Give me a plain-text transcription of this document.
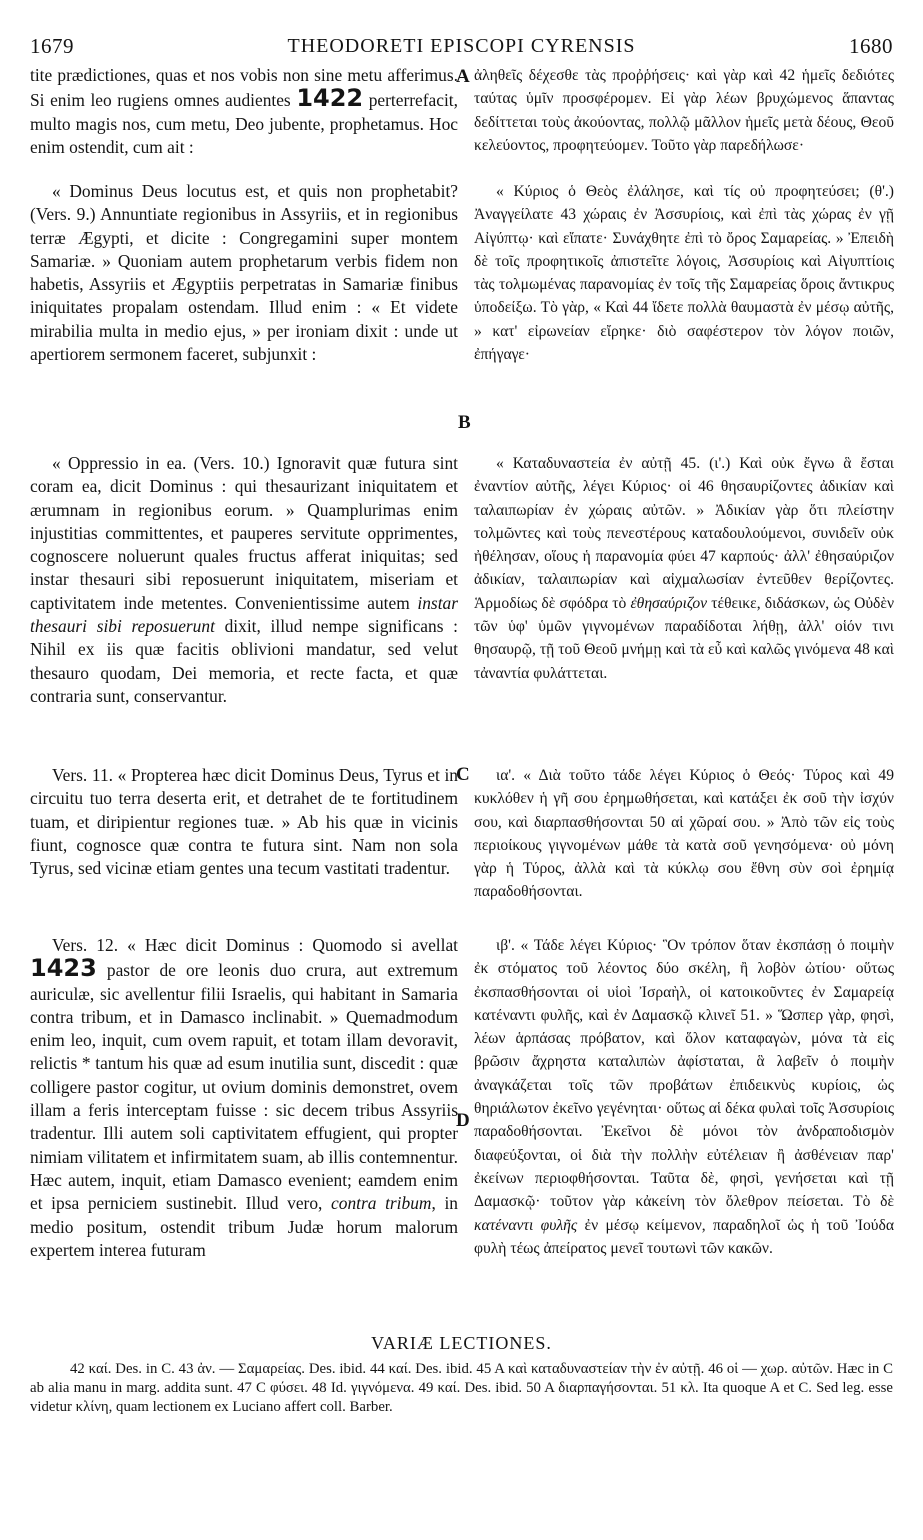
1679	THEODORETI EPISCOPI CYRENSIS	1680

tite prædictiones, quas et nos vobis non sine metu afferimus. Si enim leo rugiens omnes audientes 1422 perterrefacit, multo magis nos, cum metu, Deo jubente, prophetamus. Hoc enim ostendit, cum ait :

« Dominus Deus locutus est, et quis non prophetabit? (Vers. 9.) Annuntiate regionibus in Assyriis, et in regionibus terræ Ægypti, et dicite : Congregamini super montem Samariæ. » Quoniam autem prophetarum verbis fidem non habetis, Assyriis et Ægyptiis perpetratas in Samariæ finibus iniquitates propalam ostendam. Illud enim : « Et videte mirabilia multa in medio ejus, » per ironiam dixit : unde ut apertiorem sermonem faceret, subjunxit :

« Oppressio in ea. (Vers. 10.) Ignoravit quæ futura sint coram ea, dicit Dominus : qui thesaurizant iniquitatem et ærumnam in regionibus eorum. » Quamplurimas enim injustitias committentes, et pauperes servitute opprimentes, cognoscere noluerunt quales fructus afferat iniquitas; sed instar thesauri sibi reposuerunt iniquitatem, miseriam et captivitatem inde metentes. Convenientissime autem instar thesauri sibi reposuerunt dixit, illud nempe significans : Nihil ex iis quæ facitis oblivioni mandatur, sed velut thesauro quodam, Dei memoria, et recte facta, et quæ contraria sunt, conservantur.

Vers. 11. « Propterea hæc dicit Dominus Deus, Tyrus et in circuitu tuo terra deserta erit, et detrahet de te fortitudinem tuam, et diripientur regiones tuæ. » Ab his quæ in vicinis fiunt, cognosce quæ contra te futura sint. Nam non sola Tyrus, sed vicinæ etiam gentes una tecum vastitati tradentur.

Vers. 12. « Hæc dicit Dominus : Quomodo si avellat 1423 pastor de ore leonis duo crura, aut extremum auriculæ, sic avellentur filii Israelis, qui habitant in Samaria contra tribum, et in Damasco inclinabit. » Quemadmodum enim leo, inquit, cum ovem rapuit, et totam illam devoravit, relictis * tantum his quæ ad esum inutilia sunt, discedit : quæ colligere pastor cogitur, ut ovium dominis demonstret, ovem illam a feris interceptam fuisse : sic decem tribus Assyriis tradentur. Illi autem soli captivitatem effugient, qui propter nimiam vilitatem et infirmitatem suam, ab illis contemnentur. Hæc autem, inquit, etiam Damasco evenient; eamdem enim et ipsa perniciem sustinebit. Illud vero, contra tribum, in medio positum, ostendit tribum Judæ horum malorum expertem interea futuram

A
B
C
D

ἀληθεῖς δέχεσθε τὰς προῤῥήσεις· καὶ γὰρ καὶ 42 ἡμεῖς δεδιότες ταύτας ὑμῖν προσφέρομεν. Εἰ γὰρ λέων βρυχώμενος ἅπαντας δεδίττεται τοὺς ἀκούοντας, πολλῷ μᾶλλον ἡμεῖς μετὰ δέους, Θεοῦ κελεύοντος, προφητεύομεν. Τοῦτο γὰρ παρεδήλωσε·

« Κύριος ὁ Θεὸς ἐλάλησε, καὶ τίς οὐ προφητεύσει; (θ'.) Ἀναγγείλατε 43 χώραις ἐν Ἀσσυρίοις, καὶ ἐπὶ τὰς χώρας ἐν γῇ Αἰγύπτῳ· καὶ εἴπατε· Συνάχθητε ἐπὶ τὸ ὄρος Σαμαρείας. » Ἐπειδὴ δὲ τοῖς προφητικοῖς ἀπιστεῖτε λόγοις, Ἀσσυρίοις καὶ Αἰγυπτίοις τὰς τολμωμένας παρανομίας ἐν τοῖς τῆς Σαμαρείας ὅροις ἄντικρυς ὑποδείξω. Τὸ γὰρ, « Καὶ 44 ἴδετε πολλὰ θαυμαστὰ ἐν μέσῳ αὐτῆς, » κατ' εἰρωνείαν εἴρηκε· διὸ σαφέστερον τὸν λόγον ποιῶν, ἐπήγαγε·

« Καταδυναστεία ἐν αὐτῇ 45. (ι'.) Καὶ οὐκ ἔγνω ἃ ἔσται ἐναντίον αὐτῆς, λέγει Κύριος· οἱ 46 θησαυρίζοντες ἀδικίαν καὶ ταλαιπωρίαν ἐν χώραις αὐτῶν. » Ἀδικίαν γὰρ ὅτι πλείστην τολμῶντες καὶ τοὺς πενεστέρους καταδουλούμενοι, συνιδεῖν οὐκ ἠθέλησαν, οἵους ἡ παρανομία φύει 47 καρπούς· ἀλλ' ἐθησαύριζον ἀδικίαν, ταλαιπωρίαν καὶ αἰχμαλωσίαν ἐντεῦθεν θερίζοντες. Ἁρμοδίως δὲ σφόδρα τὸ ἐθησαύριζον τέθεικε, διδάσκων, ὡς Οὐδὲν τῶν ὑφ' ὑμῶν γιγνομένων παραδίδοται λήθῃ, ἀλλ' οἱόν τινι θησαυρῷ, τῇ τοῦ Θεοῦ μνήμῃ καὶ τὰ εὖ καὶ καλῶς γινόμενα 48 καὶ τἀναντία φυλάττεται.

ια'. « Διὰ τοῦτο τάδε λέγει Κύριος ὁ Θεός· Τύρος καὶ 49 κυκλόθεν ἡ γῆ σου ἐρημωθήσεται, καὶ κατάξει ἐκ σοῦ τὴν ἰσχύν σου, καὶ διαρπασθήσονται 50 αἱ χῶραί σου. » Ἀπὸ τῶν εἰς τοὺς περιοίκους γιγνομένων μάθε τὰ κατὰ σοῦ γενησόμενα· οὐ μόνη γὰρ ἡ Τύρος, ἀλλὰ καὶ τὰ κύκλῳ σου ἔθνη σὺν σοὶ ἐρημίᾳ παραδοθήσονται.

ιβ'. « Τάδε λέγει Κύριος· Ὃν τρόπον ὅταν ἐκσπάσῃ ὁ ποιμὴν ἐκ στόματος τοῦ λέοντος δύο σκέλη, ἢ λοβὸν ὠτίου· οὕτως ἐκσπασθήσονται οἱ υἱοὶ Ἰσραὴλ, οἱ κατοικοῦντες ἐν Σαμαρείᾳ κατέναντι φυλῆς, καὶ ἐν Δαμασκῷ κλινεῖ 51. » Ὥσπερ γὰρ, φησὶ, λέων ἁρπάσας πρόβατον, καὶ ὅλον καταφαγὼν, μόνα τὰ εἰς βρῶσιν ἄχρηστα καταλιπὼν ἀφίσταται, ἃ λαβεῖν ὁ ποιμὴν ἀναγκάζεται τοῖς τῶν προβάτων ἐπιδεικνὺς κυρίοις, ὡς θηριάλωτον ἐκεῖνο γεγένηται· οὕτως αἱ δέκα φυλαὶ τοῖς Ἀσσυρίοις παραδοθήσονται. Ἐκεῖνοι δὲ μόνοι τὸν ἀνδραποδισμὸν διαφεύξονται, οἱ διὰ τὴν πολλὴν εὐτέλειαν ἢ ἀσθένειαν παρ' ἐκείνων περιοφθήσονται. Ταῦτα δὲ, φησὶ, γενήσεται καὶ τῇ Δαμασκῷ· τοῦτον γὰρ κἀκείνη τὸν ὄλεθρον πείσεται. Τὸ δὲ κατέναντι φυλῆς ἐν μέσῳ κείμενον, παραδηλοῖ ὡς ἡ τοῦ Ἰούδα φυλὴ τέως ἀπείρατος μενεῖ τουτωνὶ τῶν κακῶν.

VARIÆ LECTIONES.

42 καί. Des. in C. 43 ἀν. — Σαμαρείας. Des. ibid. 44 καί. Des. ibid. 45 A καὶ καταδυναστείαν τὴν ἐν αὐτῇ. 46 οἱ — χωρ. αὐτῶν. Hæc in C ab alia manu in marg. addita sunt. 47 C φύσει. 48 Id. γιγνόμενα. 49 καί. Des. ibid. 50 A διαρπαγήσονται. 51 κλ. Ita quoque A et C. Sed leg. esse videtur κλίνη, quam lectionem ex Luciano affert coll. Barber.
